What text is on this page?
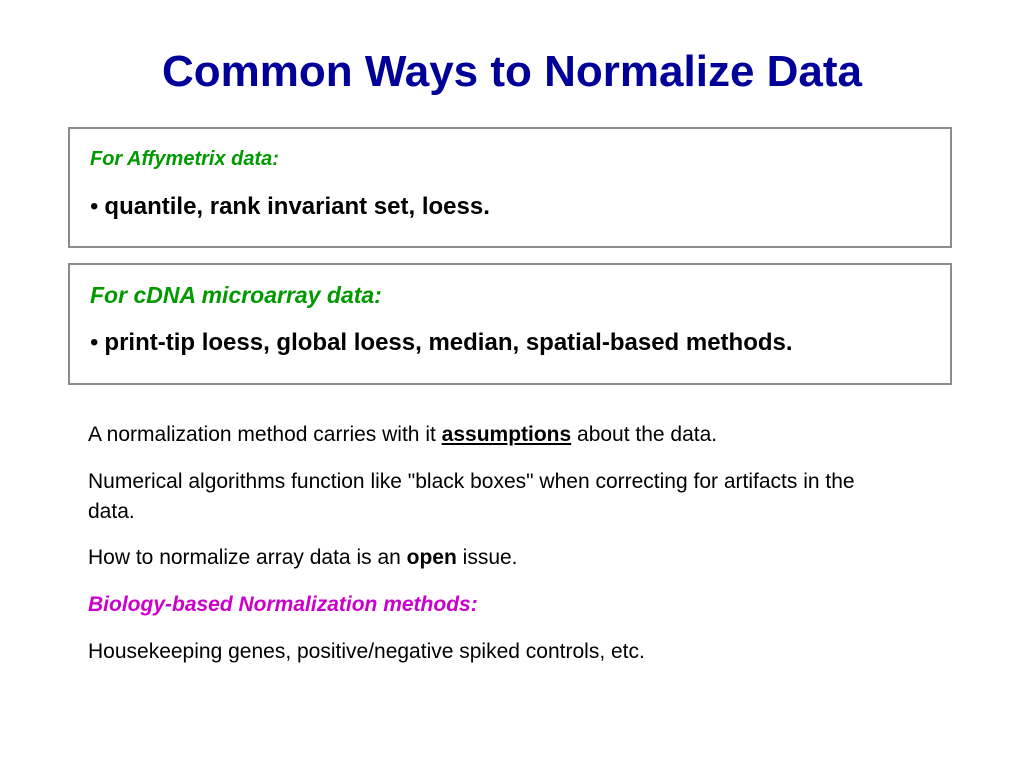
Common Ways to Normalize Data
For Affymetrix data:
• quantile, rank invariant set, loess.
For cDNA microarray data:
• print-tip loess, global loess, median, spatial-based methods.

A normalization method carries with it assumptions about the data.

Numerical algorithms function like "black boxes" when correcting for artifacts in the data.

How to normalize array data is an open issue.

Biology-based Normalization methods:

Housekeeping genes, positive/negative spiked controls, etc.
